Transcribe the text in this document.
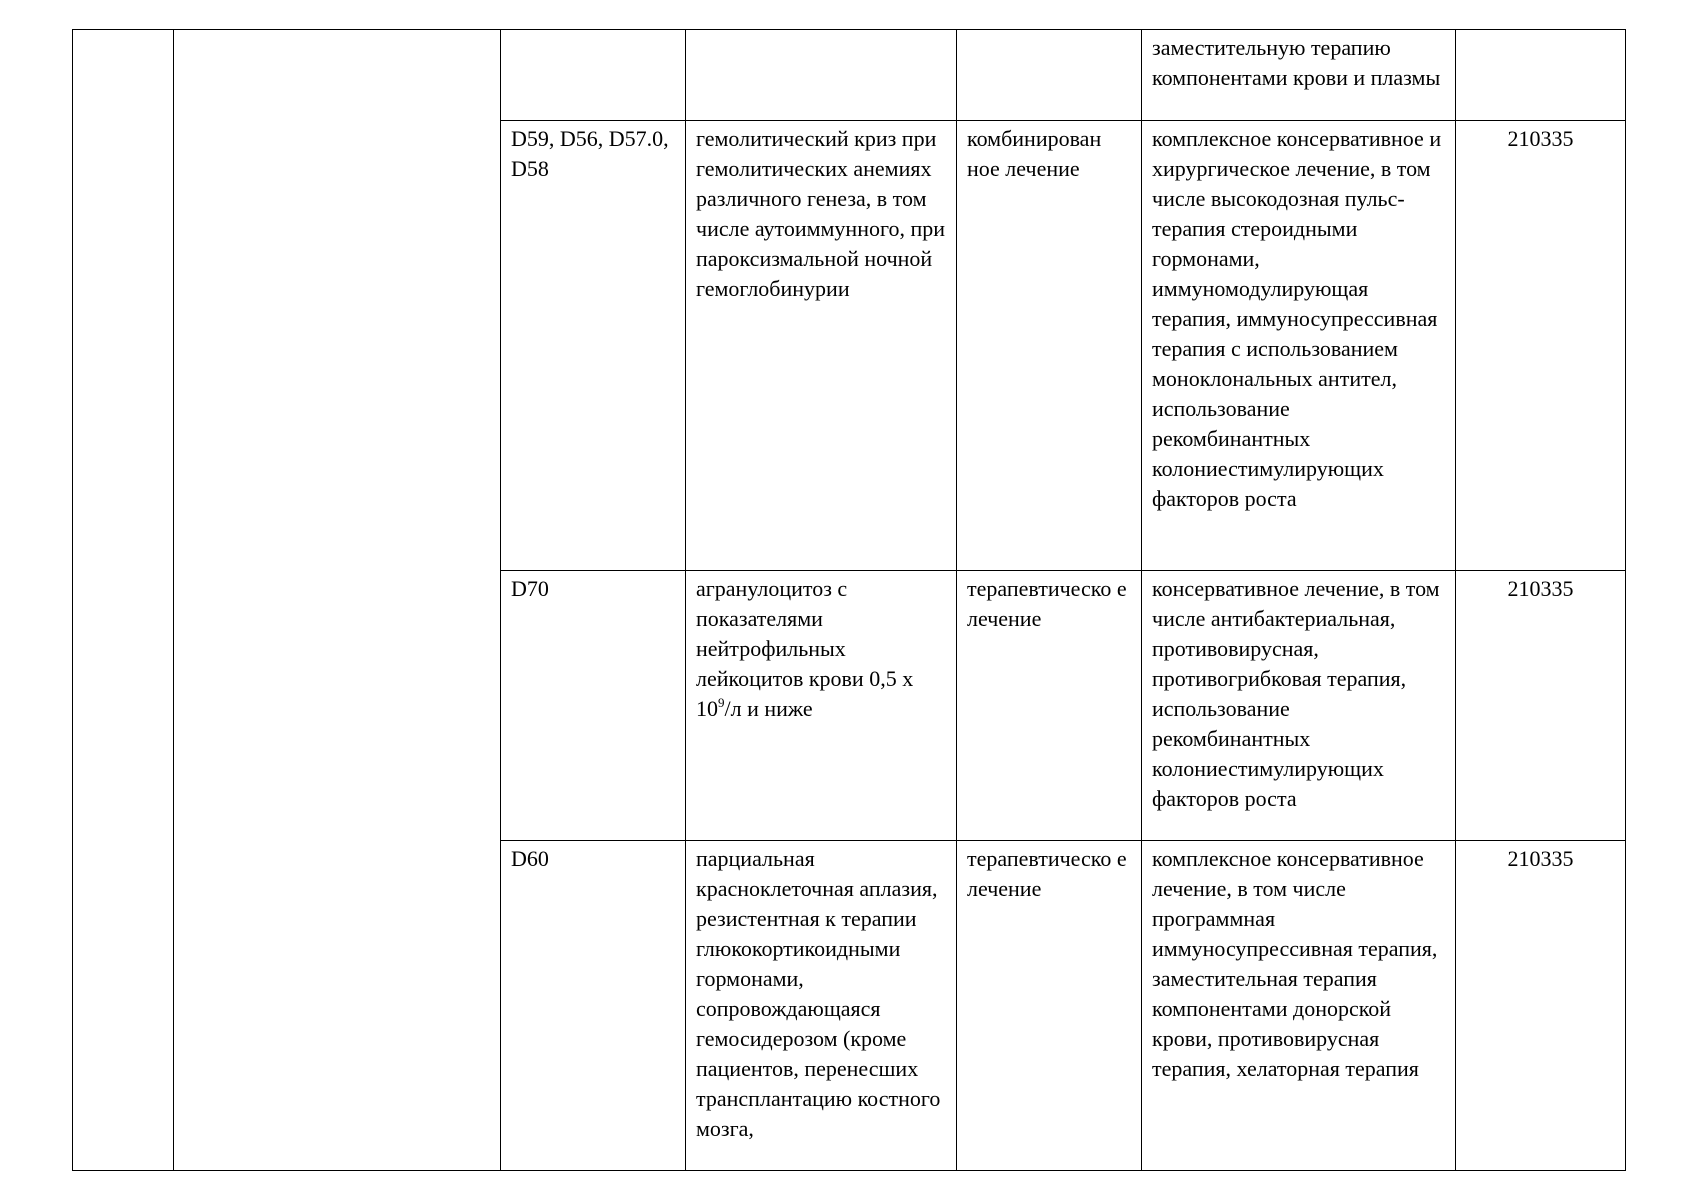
					заместительную терапию компонентами крови и плазмы	
		D59, D56, D57.0, D58	гемолитический криз при гемолитических анемиях различного генеза, в том числе аутоиммунного, при пароксизмальной ночной гемоглобинурии	комбинирован ное лечение	комплексное консервативное и хирургическое лечение, в том числе высокодозная пульс-терапия стероидными гормонами, иммуномодулирующая терапия, иммуносупрессивная терапия с использованием моноклональных антител, использование рекомбинантных колониестимулирующих факторов роста	210335
		D70	агранулоцитоз с показателями нейтрофильных лейкоцитов крови 0,5 х $10^9/л$ и ниже	терапевтическо е лечение	консервативное лечение, в том числе антибактериальная, противовирусная, противогрибковая терапия, использование рекомбинантных колониестимулирующих факторов роста	210335
		D60	парциальная красноклеточная аплазия, резистентная к терапии глюкокортикоидными гормонами, сопровождающаяся гемосидерозом (кроме пациентов, перенесших трансплантацию костного мозга,	терапевтическо е лечение	комплексное консервативное лечение, в том числе программная иммуносупрессивная терапия, заместительная терапия компонентами донорской крови, противовирусная терапия, хелаторная терапия	210335
